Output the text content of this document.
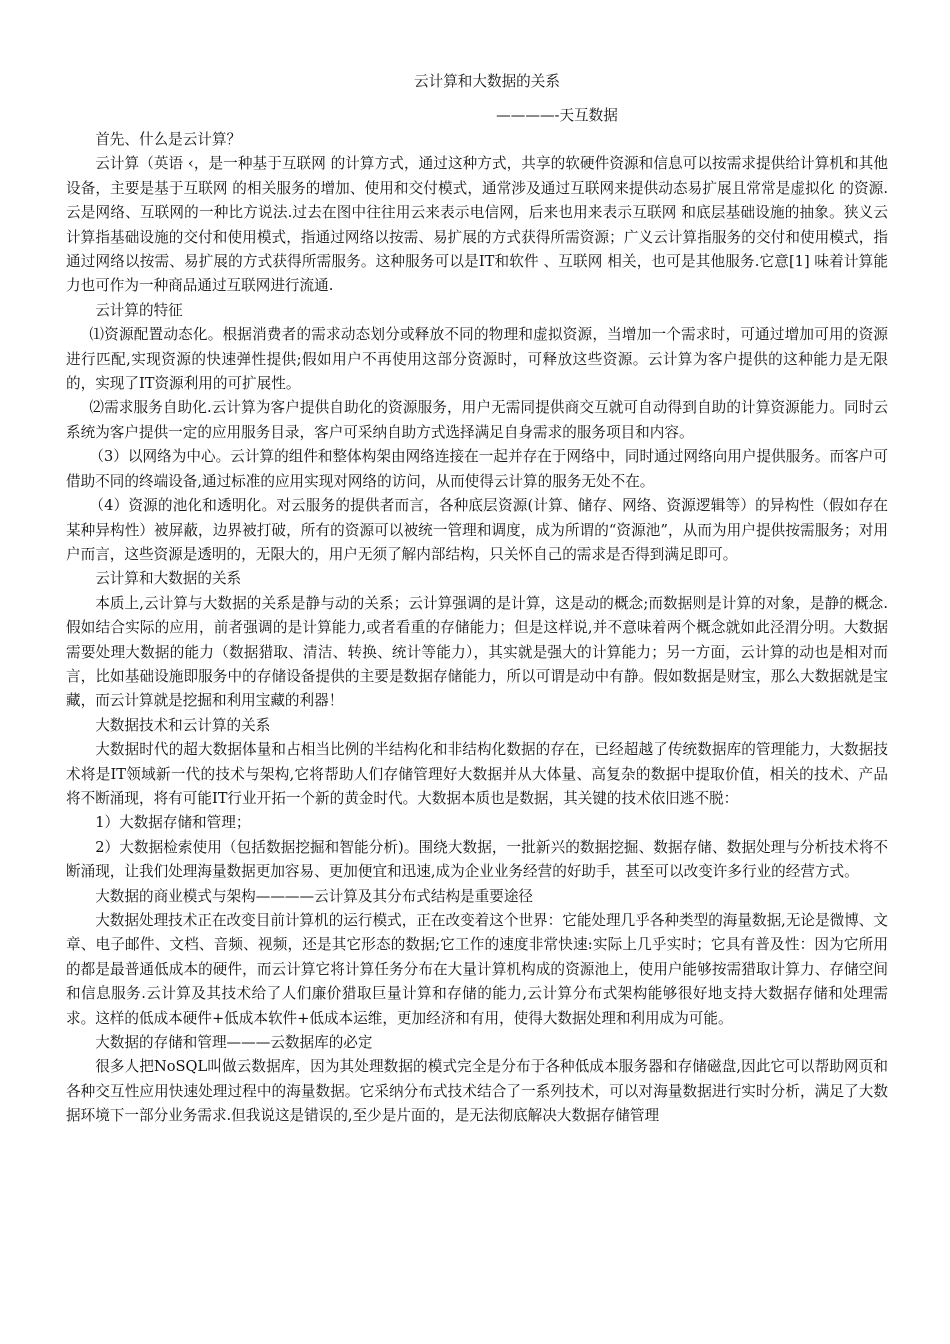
云计算和大数据的关系

————-天互数据

首先、什么是云计算？

云计算（英语 ‹，是一种基于互联网 的计算方式，通过这种方式，共享的软硬件资源和信息可以按需求提供给计算机和其他设备，主要是基于互联网 的相关服务的增加、使用和交付模式，通常涉及通过互联网来提供动态易扩展且常常是虚拟化 的资源.云是网络、互联网的一种比方说法.过去在图中往往用云来表示电信网，后来也用来表示互联网 和底层基础设施的抽象。狭义云计算指基础设施的交付和使用模式，指通过网络以按需、易扩展的方式获得所需资源；广义云计算指服务的交付和使用模式，指通过网络以按需、易扩展的方式获得所需服务。这种服务可以是IT和软件 、互联网 相关，也可是其他服务.它意[1] 味着计算能力也可作为一种商品通过互联网进行流通.

云计算的特征

⑴资源配置动态化。根据消费者的需求动态划分或释放不同的物理和虚拟资源，当增加一个需求时，可通过增加可用的资源进行匹配,实现资源的快速弹性提供;假如用户不再使用这部分资源时，可释放这些资源。云计算为客户提供的这种能力是无限的，实现了IT资源利用的可扩展性。

⑵需求服务自助化.云计算为客户提供自助化的资源服务，用户无需同提供商交互就可自动得到自助的计算资源能力。同时云系统为客户提供一定的应用服务目录，客户可采纳自助方式选择满足自身需求的服务项目和内容。

（3）以网络为中心。云计算的组件和整体构架由网络连接在一起并存在于网络中，同时通过网络向用户提供服务。而客户可借助不同的终端设备,通过标准的应用实现对网络的访问，从而使得云计算的服务无处不在。

（4）资源的池化和透明化。对云服务的提供者而言，各种底层资源(计算、储存、网络、资源逻辑等）的异构性（假如存在某种异构性）被屏蔽，边界被打破，所有的资源可以被统一管理和调度，成为所谓的“资源池”，从而为用户提供按需服务；对用户而言，这些资源是透明的，无限大的，用户无须了解内部结构，只关怀自己的需求是否得到满足即可。

云计算和大数据的关系

本质上,云计算与大数据的关系是静与动的关系；云计算强调的是计算，这是动的概念;而数据则是计算的对象，是静的概念.假如结合实际的应用，前者强调的是计算能力,或者看重的存储能力；但是这样说,并不意味着两个概念就如此泾渭分明。大数据需要处理大数据的能力（数据猎取、清洁、转换、统计等能力），其实就是强大的计算能力；另一方面，云计算的动也是相对而言，比如基础设施即服务中的存储设备提供的主要是数据存储能力，所以可谓是动中有静。假如数据是财宝，那么大数据就是宝藏，而云计算就是挖掘和利用宝藏的利器！

大数据技术和云计算的关系

大数据时代的超大数据体量和占相当比例的半结构化和非结构化数据的存在，已经超越了传统数据库的管理能力，大数据技术将是IT领域新一代的技术与架构,它将帮助人们存储管理好大数据并从大体量、高复杂的数据中提取价值，相关的技术、产品将不断涌现，将有可能IT行业开拓一个新的黄金时代。大数据本质也是数据，其关键的技术依旧逃不脱：

1）大数据存储和管理；

2）大数据检索使用（包括数据挖掘和智能分析)。围绕大数据，一批新兴的数据挖掘、数据存储、数据处理与分析技术将不断涌现，让我们处理海量数据更加容易、更加便宜和迅速,成为企业业务经营的好助手，甚至可以改变许多行业的经营方式。

大数据的商业模式与架构————云计算及其分布式结构是重要途径

大数据处理技术正在改变目前计算机的运行模式，正在改变着这个世界：它能处理几乎各种类型的海量数据,无论是微博、文章、电子邮件、文档、音频、视频，还是其它形态的数据;它工作的速度非常快速:实际上几乎实时；它具有普及性：因为它所用的都是最普通低成本的硬件，而云计算它将计算任务分布在大量计算机构成的资源池上，使用户能够按需猎取计算力、存储空间和信息服务.云计算及其技术给了人们廉价猎取巨量计算和存储的能力,云计算分布式架构能够很好地支持大数据存储和处理需求。这样的低成本硬件+低成本软件+低成本运维，更加经济和有用，使得大数据处理和利用成为可能。

大数据的存储和管理———云数据库的必定

很多人把NoSQL叫做云数据库，因为其处理数据的模式完全是分布于各种低成本服务器和存储磁盘,因此它可以帮助网页和各种交互性应用快速处理过程中的海量数据。它采纳分布式技术结合了一系列技术，可以对海量数据进行实时分析，满足了大数据环境下一部分业务需求.但我说这是错误的,至少是片面的，是无法彻底解决大数据存储管理
